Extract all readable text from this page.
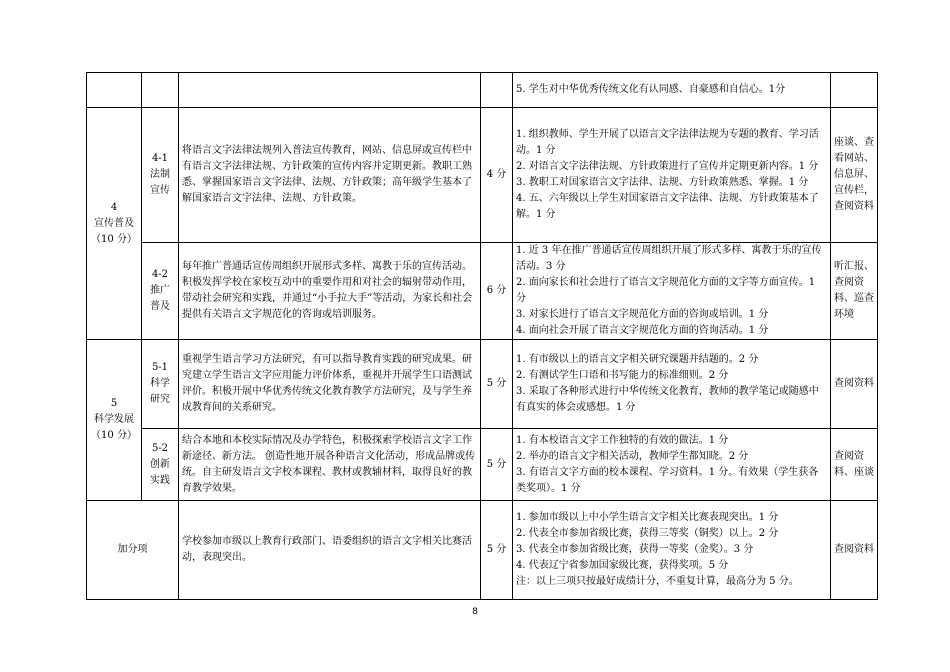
				5. 学生对中华优秀传统文化有认同感、自豪感和自信心。1分	

4
宣传普及
（10 分）	4-1
法制
宣传	将语言文字法律法规列入普法宣传教育，网站、信息屏或宣传栏中有语言文字法律法规、方针政策的宣传内容并定期更新。教职工熟悉、掌握国家语言文字法律、法规、方针政策；高年级学生基本了解国家语言文字法律、法规、方针政策。	4 分	1. 组织教师、学生开展了以语言文字法律法规为专题的教育、学习活动。1 分
2. 对语言文字法律法规、方针政策进行了宣传并定期更新内容。1 分
3. 教职工对国家语言文字法律、法规、方针政策熟悉、掌握。1 分
4. 五、六年级以上学生对国家语言文字法律、法规、方针政策基本了解。1 分	座谈、查看网站、信息屏、宣传栏，查阅资料

	4-2
推广
普及	每年推广普通话宣传周组织开展形式多样、寓教于乐的宣传活动。积极发挥学校在家校互动中的重要作用和对社会的辐射带动作用，带动社会研究和实践，并通过“小手拉大手”等活动，为家长和社会提供有关语言文字规范化的咨询或培训服务。	6 分	1. 近 3 年在推广普通话宣传周组织开展了形式多样、寓教于乐的宣传活动。3 分
2. 面向家长和社会进行了语言文字规范化方面的文字等方面宣传。1 分
3. 对家长进行了语言文字规范化方面的咨询或培训。1 分
4. 面向社会开展了语言文字规范化方面的咨询活动。1 分	听汇报、查阅资料、巡查环境

5
科学发展
（10 分）	5-1
科学
研究	重视学生语言学习方法研究，有可以指导教育实践的研究成果。研究建立学生语言文字应用能力评价体系，重视并开展学生口语测试评价。积极开展中华优秀传统文化教育教学方法研究，及与学生养成教育间的关系研究。	5 分	1. 有市级以上的语言文字相关研究课题并结题的。2 分
2. 有测试学生口语和书写能力的标准细则。2 分
3. 采取了各种形式进行中华传统文化教育，教师的教学笔记或随感中有真实的体会或感想。1 分	查阅资料

	5-2
创新
实践	结合本地和本校实际情况及办学特色，积极探索学校语言文字工作新途径、新方法。 创造性地开展各种语言文化活动，形成品牌或传统。自主研发语言文字校本课程、教材或教辅材料，取得良好的教育教学效果。	5 分	1. 有本校语言文字工作独特的有效的做法。1 分
2. 举办的语言文字相关活动，教师学生都知晓。2 分
3. 有语言文字方面的校本课程、学习资料。1 分。有效果（学生获各类奖项）。1 分	查阅资料、座谈
加分项		学校参加市级以上教育行政部门、语委组织的语言文字相关比赛活动，表现突出。	5 分	1. 参加市级以上中小学生语言文字相关比赛表现突出。1 分
2. 代表全市参加省级比赛，获得三等奖（铜奖）以上。2 分
3. 代表全市参加省级比赛，获得一等奖（金奖）。3 分
4. 代表辽宁省参加国家级比赛，获得奖项。5 分
注：以上三项只按最好成绩计分，不重复计算，最高分为 5 分。	查阅资料
8
